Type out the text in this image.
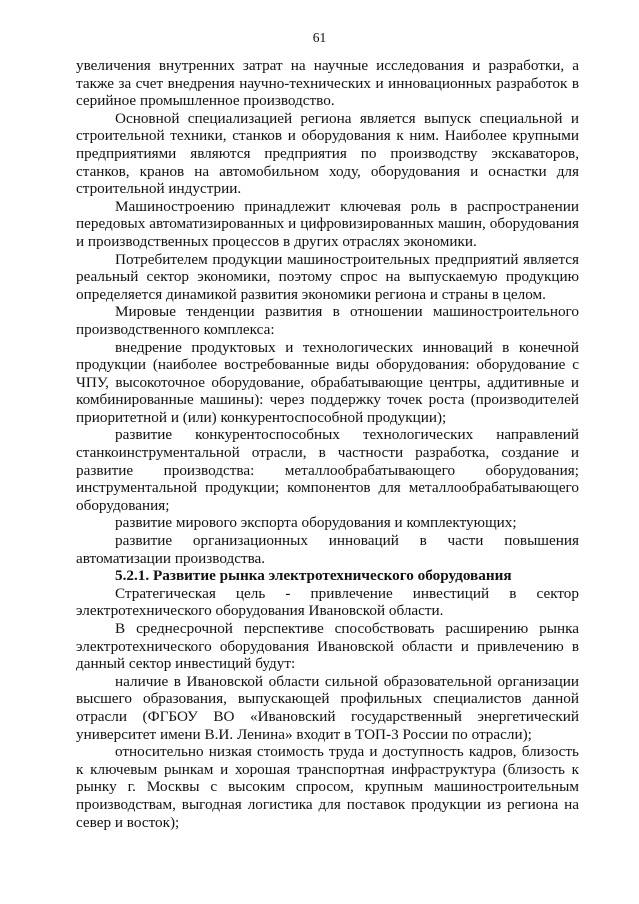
61

увеличения внутренних затрат на научные исследования и разработки, а также за счет внедрения научно-технических и инновационных разработок в серийное промышленное производство.

Основной специализацией региона является выпуск специальной и строительной техники, станков и оборудования к ним. Наиболее крупными предприятиями являются предприятия по производству экскаваторов, станков, кранов на автомобильном ходу, оборудования и оснастки для строительной индустрии.

Машиностроению принадлежит ключевая роль в распространении передовых автоматизированных и цифровизированных машин, оборудования и производственных процессов в других отраслях экономики.

Потребителем продукции машиностроительных предприятий является реальный сектор экономики, поэтому спрос на выпускаемую продукцию определяется динамикой развития экономики региона и страны в целом.

Мировые тенденции развития в отношении машиностроительного производственного комплекса:

внедрение продуктовых и технологических инноваций в конечной продукции (наиболее востребованные виды оборудования: оборудование с ЧПУ, высокоточное оборудование, обрабатывающие центры, аддитивные и комбинированные машины): через поддержку точек роста (производителей приоритетной и (или) конкурентоспособной продукции);

развитие конкурентоспособных технологических направлений станкоинструментальной отрасли, в частности разработка, создание и развитие производства: металлообрабатывающего оборудования; инструментальной продукции; компонентов для металлообрабатывающего оборудования;

развитие мирового экспорта оборудования и комплектующих;

развитие организационных инноваций в части повышения автоматизации производства.

5.2.1. Развитие рынка электротехнического оборудования

Стратегическая цель - привлечение инвестиций в сектор электротехнического оборудования Ивановской области.

В среднесрочной перспективе способствовать расширению рынка электротехнического оборудования Ивановской области и привлечению в данный сектор инвестиций будут:

наличие в Ивановской области сильной образовательной организации высшего образования, выпускающей профильных специалистов данной отрасли (ФГБОУ ВО «Ивановский государственный энергетический университет имени В.И. Ленина» входит в ТОП-3 России по отрасли);

относительно низкая стоимость труда и доступность кадров, близость к ключевым рынкам и хорошая транспортная инфраструктура (близость к рынку г. Москвы с высоким спросом, крупным машиностроительным производствам, выгодная логистика для поставок продукции из региона на север и восток);
